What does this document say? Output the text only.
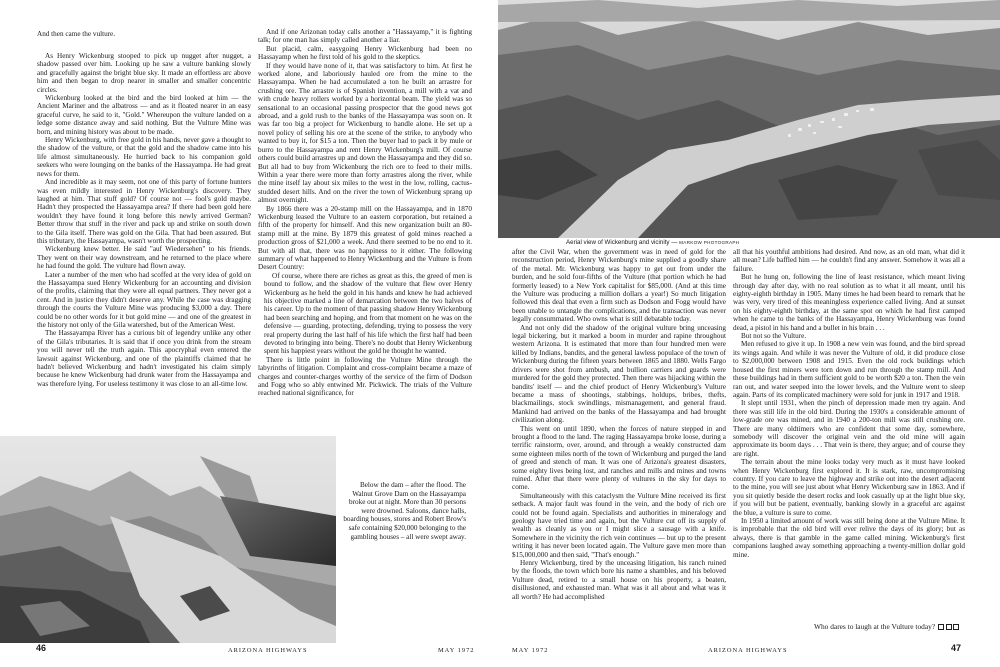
And then came the vulture.

As Henry Wickenburg stooped to pick up nugget after nugget, a shadow passed over him. Looking up he saw a vulture banking slowly and gracefully against the bright blue sky. It made an effortless arc above him and then began to drop nearer in smaller and smaller concentric circles.

Wickenburg looked at the bird and the bird looked at him — the Ancient Mariner and the albatross — and as it floated nearer in an easy graceful curve, he said to it, "Gold." Whereupon the vulture landed on a ledge some distance away and said nothing. But the Vulture Mine was born, and mining history was about to be made.

Henry Wickenburg, with free gold in his hands, never gave a thought to the shadow of the vulture, or that the gold and the shadow came into his life almost simultaneously. He hurried back to his companion gold seekers who were lounging on the banks of the Hassayampa. He had great news for them.

And incredible as it may seem, not one of this party of fortune hunters was even mildly interested in Henry Wickenburg's discovery. They laughed at him. That stuff gold? Of course not — fool's gold maybe. Hadn't they prospected the Hassayampa area? If there had been gold here wouldn't they have found it long before this newly arrived German? Better throw that stuff in the river and pack up and strike on south down to the Gila itself. There was gold on the Gila. That had been assured. But this tributary, the Hassayampa, wasn't worth the prospecting.

Wickenburg knew better. He said "auf Wiedersehen" to his friends. They went on their way downstream, and he returned to the place where he had found the gold. The vulture had flown away.

Later a number of the men who had scoffed at the very idea of gold on the Hassayampa sued Henry Wickenburg for an accounting and division of the profits, claiming that they were all equal partners. They never got a cent. And in justice they didn't deserve any. While the case was dragging through the courts the Vulture Mine was producing $3,000 a day. There could be no other words for it but gold mine — and one of the greatest in the history not only of the Gila watershed, but of the American West.

The Hassayampa River has a curious bit of legendry unlike any other of the Gila's tributaries. It is said that if once you drink from the stream you will never tell the truth again. This apocryphal even entered the lawsuit against Wickenburg, and one of the plaintiffs claimed that he hadn't believed Wickenburg and hadn't investigated his claim simply because he knew Wickenburg had drunk water from the Hassayampa and was therefore lying. For useless testimony it was close to an all-time low.

And if one Arizonan today calls another a "Hassayamp," it is fighting talk; for one man has simply called another a liar.

But placid, calm, easygoing Henry Wickenburg had been no Hassayamp when he first told of his gold to the skeptics.

If they would have none of it, that was satisfactory to him. At first he worked alone, and laboriously hauled ore from the mine to the Hassayampa. When he had accumulated a ton he built an arrastre for crushing ore. The arrastre is of Spanish invention, a mill with a vat and with crude heavy rollers worked by a horizontal beam. The yield was so sensational to an occasional passing prospector that the good news got abroad, and a gold rush to the banks of the Hassayampa was soon on. It was far too big a project for Wickenburg to handle alone. He set up a novel policy of selling his ore at the scene of the strike, to anybody who wanted to buy it, for $15 a ton. Then the buyer had to pack it by mule or burro to the Hassayampa and rent Henry Wickenburg's mill. Of course others could build arrastres up and down the Hassayampa and they did so. But all had to buy from Wickenburg the rich ore to feed to their mills. Within a year there were more than forty arrastres along the river, while the mine itself lay about six miles to the west in the low, rolling, cactus-studded desert hills. And on the river the town of Wickenburg sprang up almost overnight.

By 1866 there was a 20-stamp mill on the Hassayampa, and in 1870 Wickenburg leased the Vulture to an eastern corporation, but retained a fifth of the property for himself. And this new organization built an 80-stamp mill at the mine. By 1879 this greatest of gold mines reached a production gross of $21,000 a week. And there seemed to be no end to it. But with all that, there was no happiness to it either. The following summary of what happened to Henry Wickenburg and the Vulture is from Desert Country:

Of course, where there are riches as great as this, the greed of men is bound to follow, and the shadow of the vulture that flew over Henry Wickenburg as he held the gold in his hands and knew he had achieved his objective marked a line of demarcation between the two halves of his career. Up to the moment of that passing shadow Henry Wickenburg had been searching and hoping, and from that moment on he was on the defensive — guarding, protecting, defending, trying to possess the very real property during the last half of his life which the first half had been devoted to bringing into being. There's no doubt that Henry Wickenburg spent his happiest years without the gold he thought he wanted.

There is little point in following the Vulture Mine through the labyrinths of litigation. Complaint and cross-complaint became a maze of charges and counter-charges worthy of the service of the firm of Dodson and Fogg who so ably entwined Mr. Pickwick. The trials of the Vulture reached national significance, for

Below the dam – after the flood. The Walnut Grove Dam on the Hassayampa broke out at night. More than 30 persons were drowned. Saloons, dance halls, boarding houses, stores and Robert Brow's safe containing $20,000 belonging to the gambling houses – all were swept away.
Aerial view of Wickenburg and vicinity — MARKOW PHOTOGRAPH

after the Civil War, when the government was in need of gold for the reconstruction period, Henry Wickenburg's mine supplied a goodly share of the metal. Mr. Wickenburg was happy to get out from under the burden, and he sold four-fifths of the Vulture (that portion which he had formerly leased) to a New York capitalist for $85,000. (And at this time the Vulture was producing a million dollars a year!) So much litigation followed this deal that even a firm such as Dodson and Fogg would have been unable to untangle the complications, and the transaction was never legally consummated. Who owns what is still debatable today.

And not only did the shadow of the original vulture bring unceasing legal bickering, but it marked a boom in murder and rapine throughout western Arizona. It is estimated that more than four hundred men were killed by Indians, bandits, and the general lawless populace of the town of Wickenburg during the fifteen years between 1865 and 1880. Wells Fargo drivers were shot from ambush, and bullion carriers and guards were murdered for the gold they protected. Then there was hijacking within the bandits' itself — and the chief product of Henry Wickenburg's Vulture became a mass of shootings, stabbings, holdups, bribes, thefts, blackmailings, stock swindlings, mismanagement, and general fraud. Mankind had arrived on the banks of the Hassayampa and had brought civilization along.

This went on until 1890, when the forces of nature stepped in and brought a flood to the land. The raging Hassayampa broke loose, during a terrific rainstorm, over, around, and through a weakly constructed dam some eighteen miles north of the town of Wickenburg and purged the land of greed and stench of man. It was one of Arizona's greatest disasters, some eighty lives being lost, and ranches and mills and mines and towns ruined. After that there were plenty of vultures in the sky for days to come.

Simultaneously with this cataclysm the Vulture Mine received its first setback. A major fault was found in the vein, and the body of rich ore could not be found again. Specialists and authorities in mineralogy and geology have tried time and again, but the Vulture cut off its supply of wealth as cleanly as you or I might slice a sausage with a knife. Somewhere in the vicinity the rich vein continues — but up to the present writing it has never been located again. The Vulture gave men more than $15,000,000 and then said, "That's enough."

Henry Wickenburg, tired by the unceasing litigation, his ranch ruined by the floods, the town which bore his name a shambles, and his beloved Vulture dead, retired to a small house on his property, a beaten, disillusioned, and exhausted man. What was it all about and what was it all worth? He had accomplished

all that his youthful ambitions had desired. And now, as an old man, what did it all mean? Life baffled him — he couldn't find any answer. Somehow it was all a failure.

But he hung on, following the line of least resistance, which meant living through day after day, with no real solution as to what it all meant, until his eighty-eighth birthday in 1905. Many times he had been heard to remark that he was very, very tired of this meaningless experience called living. And at sunset on his eighty-eighth birthday, at the same spot on which he had first camped when he came to the banks of the Hassayampa, Henry Wickenburg was found dead, a pistol in his hand and a bullet in his brain . . .

But not so the Vulture.

Men refused to give it up. In 1908 a new vein was found, and the bird spread its wings again. And while it was never the Vulture of old, it did produce close to $2,000,000 between 1908 and 1915. Even the old rock buildings which housed the first miners were torn down and run through the stamp mill. And these buildings had in them sufficient gold to be worth $20 a ton. Then the vein ran out, and water seeped into the lower levels, and the Vulture went to sleep again. Parts of its complicated machinery were sold for junk in 1917 and 1918.

It slept until 1931, when the pinch of depression made men try again. And there was still life in the old bird. During the 1930's a considerable amount of low-grade ore was mined, and in 1940 a 200-ton mill was still crushing ore. There are many oldtimers who are confident that some day, somewhere, somebody will discover the original vein and the old mine will again approximate its boom days . . . That vein is there, they argue; and of course they are right.

The terrain about the mine looks today very much as it must have looked when Henry Wickenburg first explored it. It is stark, raw, uncompromising country. If you care to leave the highway and strike out into the desert adjacent to the mine, you will see just about what Henry Wickenburg saw in 1863. And if you sit quietly beside the desert rocks and look casually up at the light blue sky, if you will but be patient, eventually, banking slowly in a graceful arc against the blue, a vulture is sure to come.

In 1950 a limited amount of work was still being done at the Vulture Mine. It is improbable that the old bird will ever relive the days of its glory; but as always, there is that gamble in the game called mining. Wickenburg's first companions laughed away something approaching a twenty-million dollar gold mine.

Who dares to laugh at the Vulture today?
46	ARIZONA HIGHWAYS	MAY 1972	MAY 1972	ARIZONA HIGHWAYS	47
